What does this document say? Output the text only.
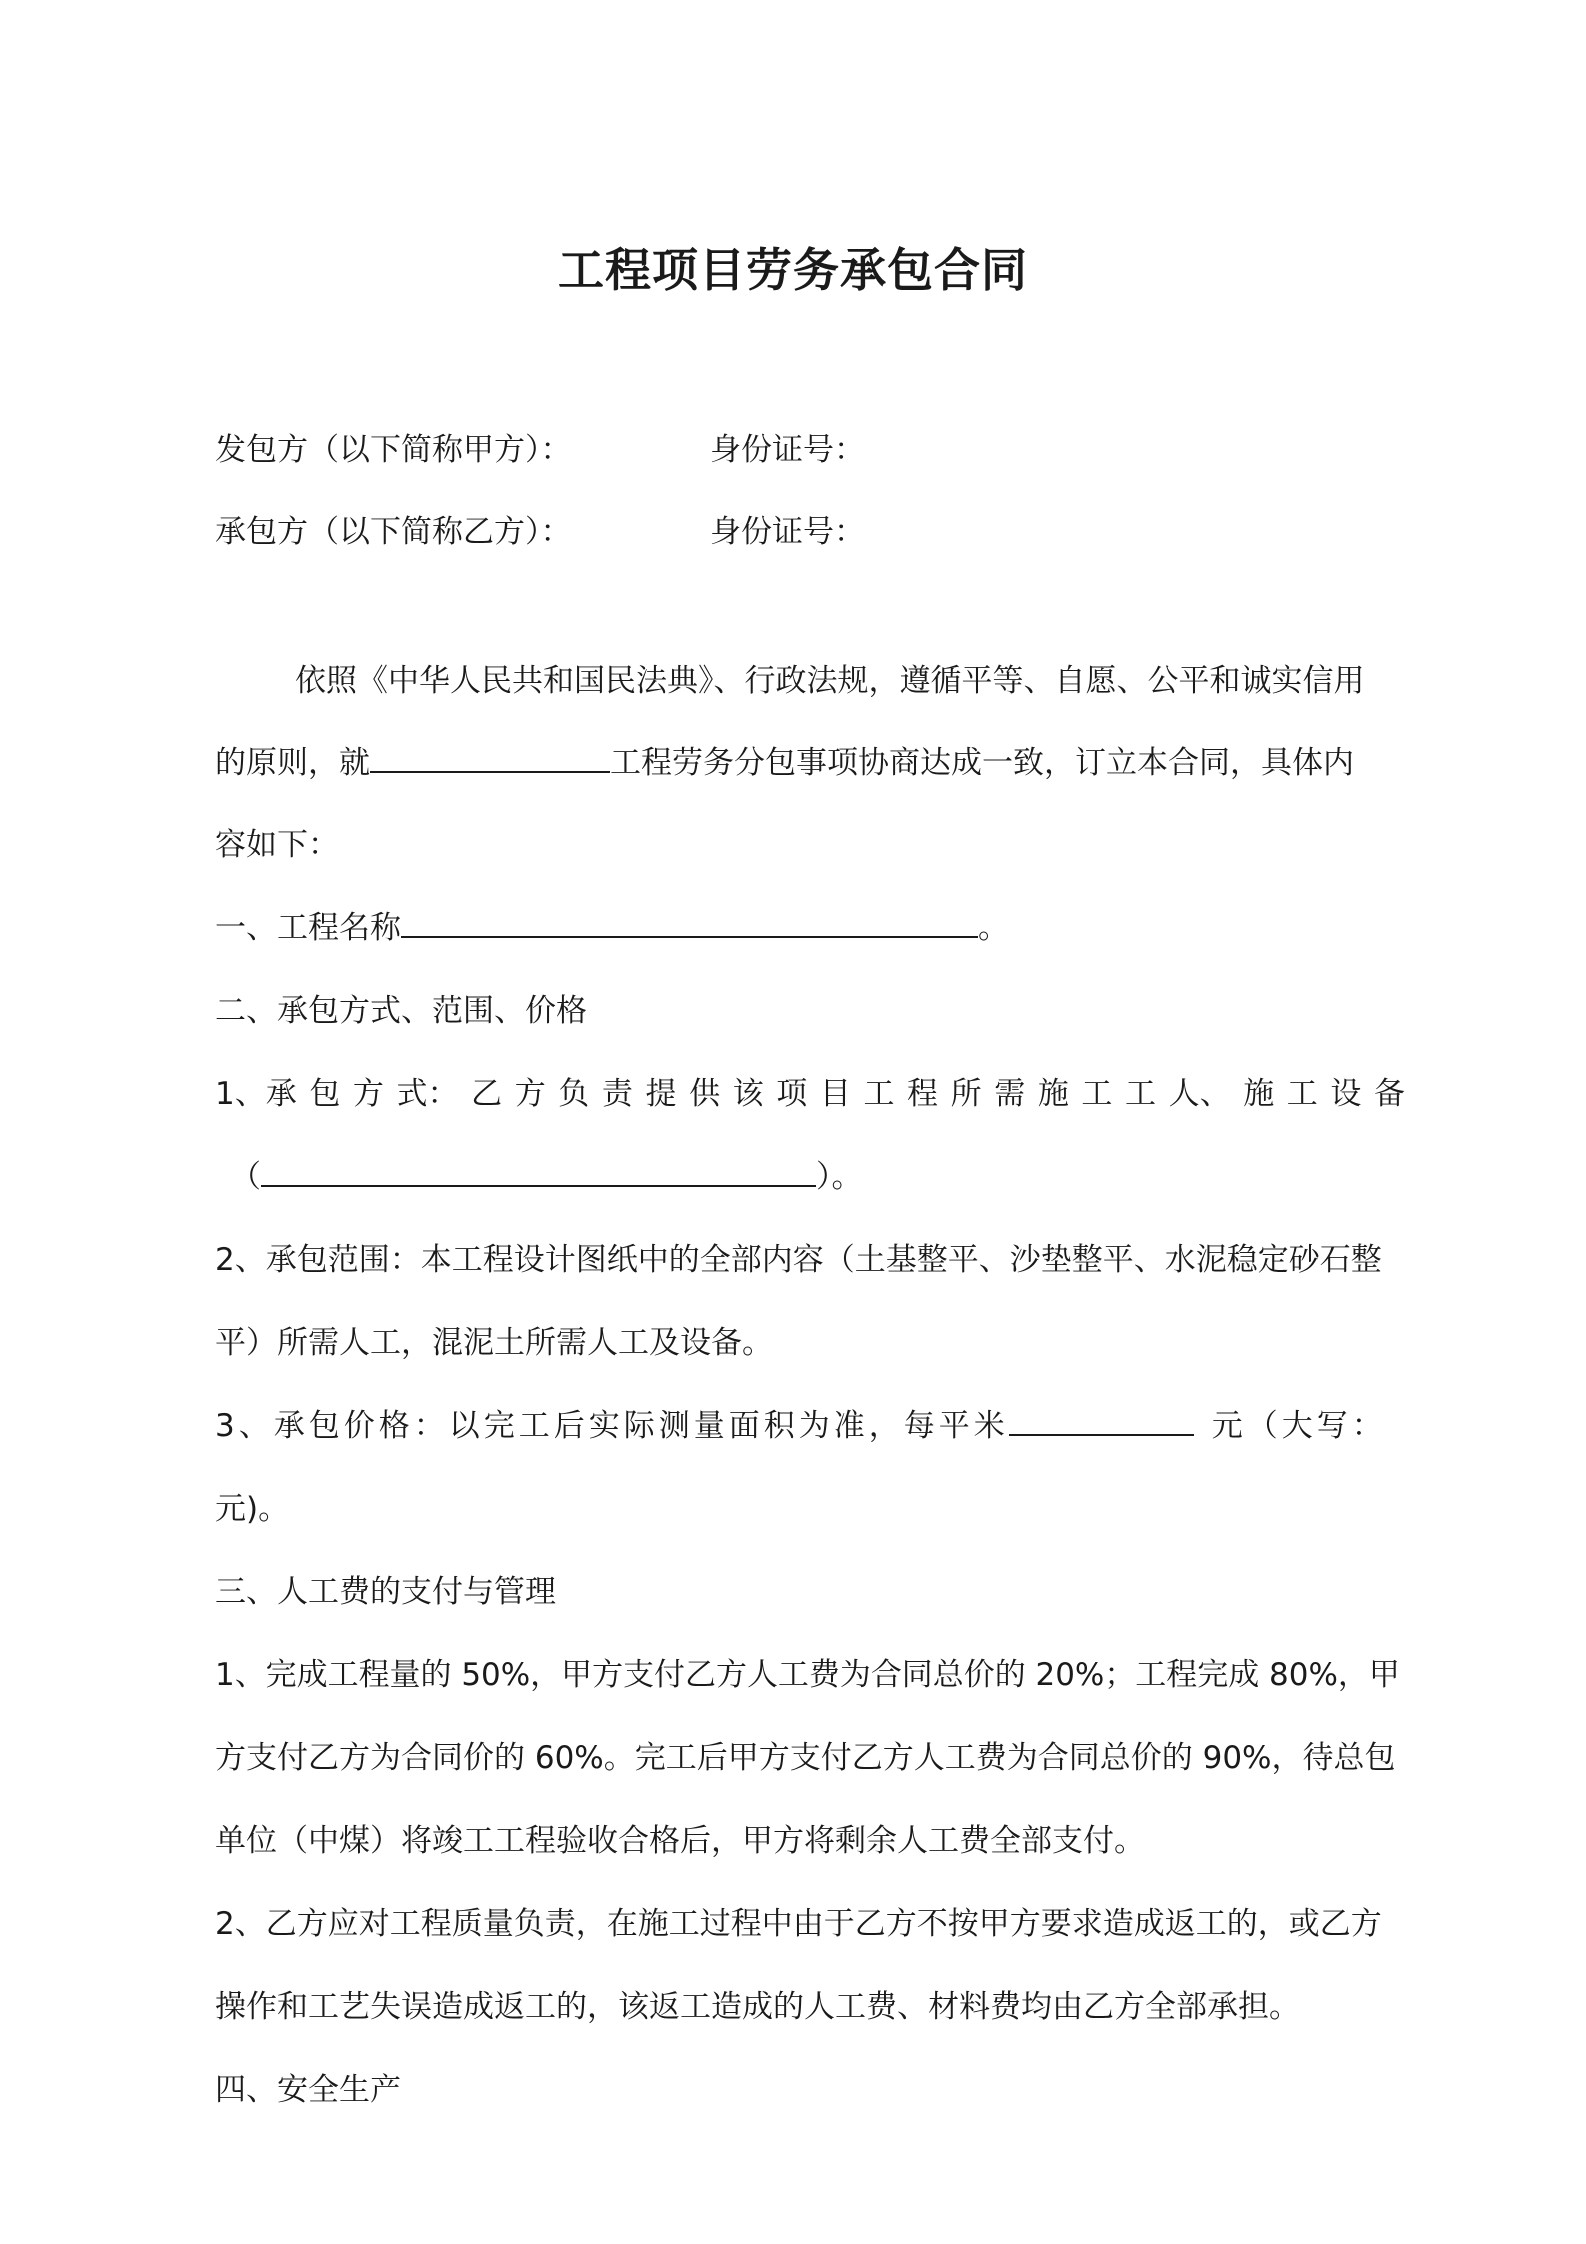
工程项目劳务承包合同
发包方（以下简称甲方）：	身份证号：
承包方（以下简称乙方）：	身份证号：
依照《中华人民共和国民法典》、行政法规，遵循平等、自愿、公平和诚实信用
的原则，就	工程劳务分包事项协商达成一致，订立本合同，具体内
容如下：
一、工程名称	。
二、承包方式、范围、价格
1、承 包 方 式： 乙 方 负 责 提 供 该 项 目 工 程 所 需 施 工 工 人、 施 工 设 备
（	）。
2、承包范围：本工程设计图纸中的全部内容（土基整平、沙垫整平、水泥稳定砂石整
平）所需人工，混泥土所需人工及设备。
3、承包价格：以完工后实际测量面积为准，每平米	元（大写：
元)。
三、人工费的支付与管理
1、完成工程量的 50%，甲方支付乙方人工费为合同总价的 20%；工程完成 80%，甲
方支付乙方为合同价的 60%。完工后甲方支付乙方人工费为合同总价的 90%，待总包
单位（中煤）将竣工工程验收合格后，甲方将剩余人工费全部支付。
2、乙方应对工程质量负责，在施工过程中由于乙方不按甲方要求造成返工的，或乙方
操作和工艺失误造成返工的，该返工造成的人工费、材料费均由乙方全部承担。
四、安全生产
